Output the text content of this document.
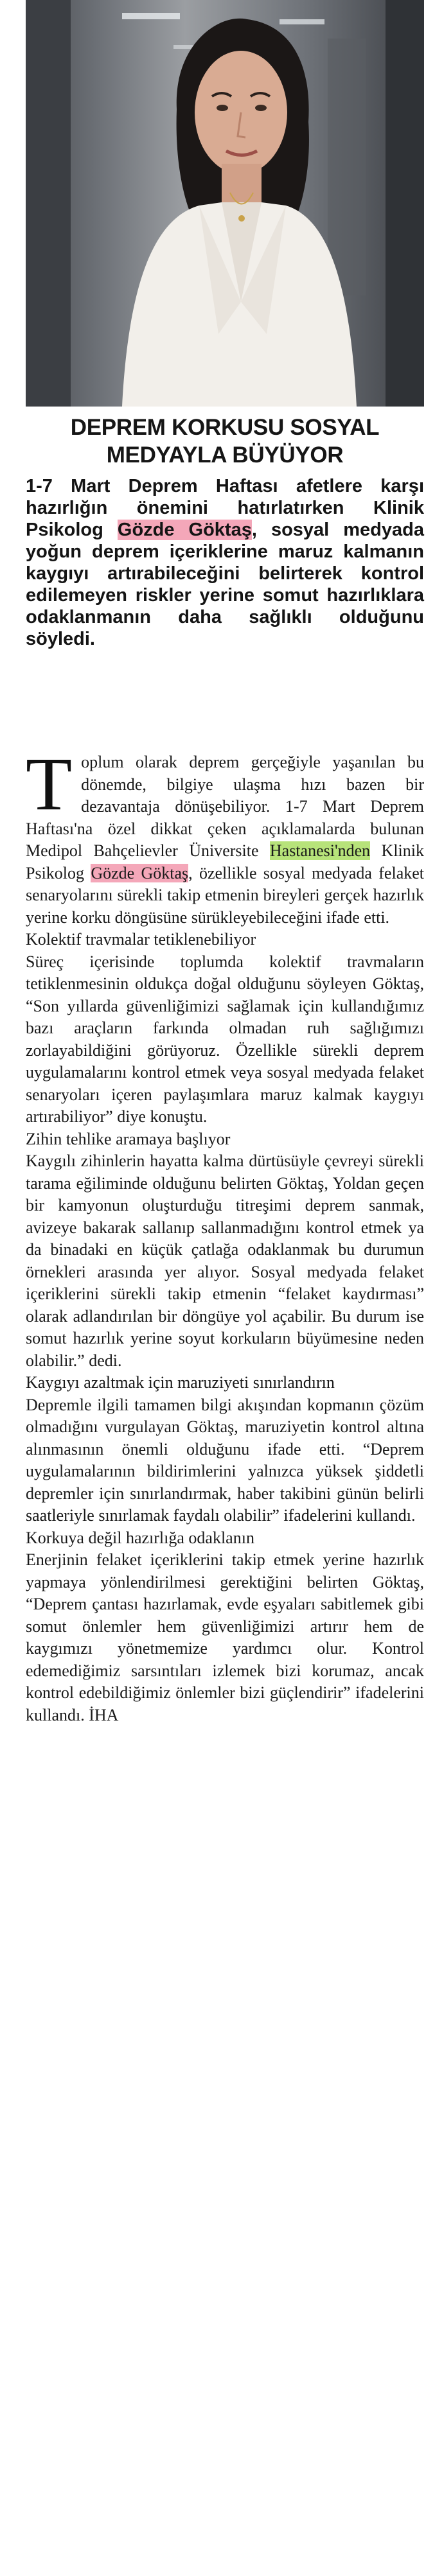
DEPREM KORKUSU SOSYAL MEDYAYLA BÜYÜYOR
1-7 Mart Deprem Haftası afetlere karşı hazırlığın önemini hatırlatırken Klinik Psikolog Gözde Göktaş, sosyal medyada yoğun deprem içeriklerine maruz kalmanın kaygıyı artırabileceğini belirterek kontrol edilemeyen riskler yerine somut hazırlıklara odaklanmanın daha sağlıklı olduğunu söyledi.

Toplum olarak deprem gerçeğiyle yaşanılan bu dönemde, bilgiye ulaşma hızı bazen bir dezavantaja dönüşebiliyor. 1-7 Mart Deprem Haftası'na özel dikkat çeken açıklamalarda bulunan Medipol Bahçelievler Üniversite Hastanesi'nden Klinik Psikolog Gözde Göktaş, özellikle sosyal medyada felaket senaryolarını sürekli takip etmenin bireyleri gerçek hazırlık yerine korku döngüsüne sürükleyebileceğini ifade etti.

Kolektif travmalar tetiklenebiliyor

Süreç içerisinde toplumda kolektif travmaların tetiklenmesinin oldukça doğal olduğunu söyleyen Göktaş, “Son yıllarda güvenliğimizi sağlamak için kullandığımız bazı araçların farkında olmadan ruh sağlığımızı zorlayabildiğini görüyoruz. Özellikle sürekli deprem uygulamalarını kontrol etmek veya sosyal medyada felaket senaryoları içeren paylaşımlara maruz kalmak kaygıyı artırabiliyor” diye konuştu.

Zihin tehlike aramaya başlıyor

Kaygılı zihinlerin hayatta kalma dürtüsüyle çevreyi sürekli tarama eğiliminde olduğunu belirten Göktaş, Yoldan geçen bir kamyonun oluşturduğu titreşimi deprem sanmak, avizeye bakarak sallanıp sallanmadığını kontrol etmek ya da binadaki en küçük çatlağa odaklanmak bu durumun örnekleri arasında yer alıyor. Sosyal medyada felaket içeriklerini sürekli takip etmenin “felaket kaydırması” olarak adlandırılan bir döngüye yol açabilir. Bu durum ise somut hazırlık yerine soyut korkuların büyümesine neden olabilir.” dedi.

Kaygıyı azaltmak için maruziyeti sınırlandırın

Depremle ilgili tamamen bilgi akışından kopmanın çözüm olmadığını vurgulayan Göktaş, maruziyetin kontrol altına alınmasının önemli olduğunu ifade etti. “Deprem uygulamalarının bildirimlerini yalnızca yüksek şiddetli depremler için sınırlandırmak, haber takibini günün belirli saatleriyle sınırlamak faydalı olabilir” ifadelerini kullandı.

Korkuya değil hazırlığa odaklanın

Enerjinin felaket içeriklerini takip etmek yerine hazırlık yapmaya yönlendirilmesi gerektiğini belirten Göktaş, “Deprem çantası hazırlamak, evde eşyaları sabitlemek gibi somut önlemler hem güvenliğimizi artırır hem de kaygımızı yönetmemize yardımcı olur. Kontrol edemediğimiz sarsıntıları izlemek bizi korumaz, ancak kontrol edebildiğimiz önlemler bizi güçlendirir” ifadelerini kullandı. İHA
